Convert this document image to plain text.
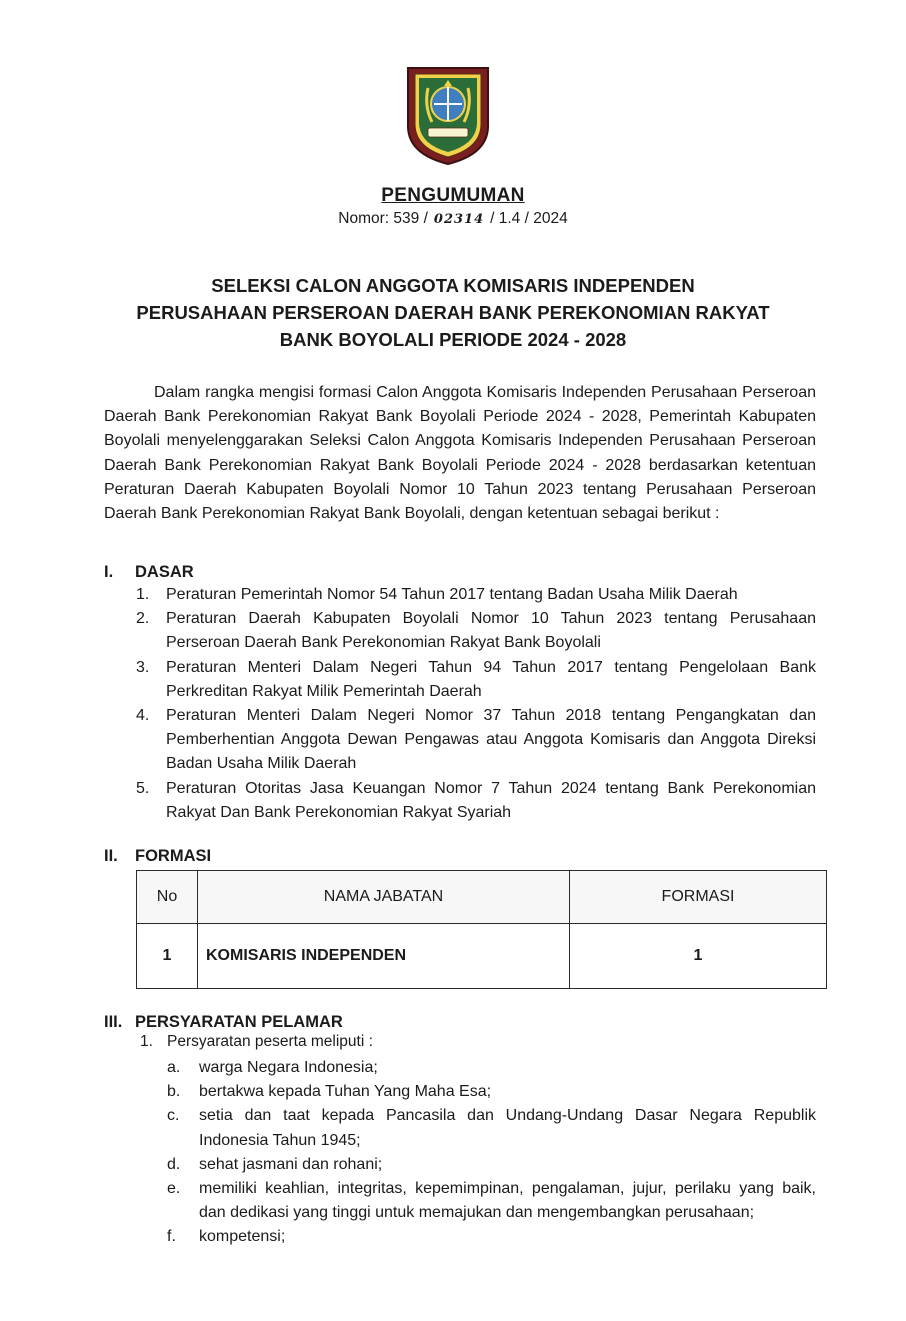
PENGUMUMAN
Nomor: 539 / 02314 / 1.4 / 2024
SELEKSI CALON ANGGOTA KOMISARIS INDEPENDEN
PERUSAHAAN PERSEROAN DAERAH BANK PEREKONOMIAN RAKYAT
BANK BOYOLALI PERIODE 2024 - 2028

Dalam rangka mengisi formasi Calon Anggota Komisaris Independen Perusahaan Perseroan Daerah Bank Perekonomian Rakyat Bank Boyolali Periode 2024 - 2028, Pemerintah Kabupaten Boyolali menyelenggarakan Seleksi Calon Anggota Komisaris Independen Perusahaan Perseroan Daerah Bank Perekonomian Rakyat Bank Boyolali Periode 2024 - 2028 berdasarkan ketentuan Peraturan Daerah Kabupaten Boyolali Nomor 10 Tahun 2023 tentang Perusahaan Perseroan Daerah Bank Perekonomian Rakyat Bank Boyolali, dengan ketentuan sebagai berikut :

I. DASAR
1. Peraturan Pemerintah Nomor 54 Tahun 2017 tentang Badan Usaha Milik Daerah
2. Peraturan Daerah Kabupaten Boyolali Nomor 10 Tahun 2023 tentang Perusahaan Perseroan Daerah Bank Perekonomian Rakyat Bank Boyolali
3. Peraturan Menteri Dalam Negeri Tahun 94 Tahun 2017 tentang Pengelolaan Bank Perkreditan Rakyat Milik Pemerintah Daerah
4. Peraturan Menteri Dalam Negeri Nomor 37 Tahun 2018 tentang Pengangkatan dan Pemberhentian Anggota Dewan Pengawas atau Anggota Komisaris dan Anggota Direksi Badan Usaha Milik Daerah
5. Peraturan Otoritas Jasa Keuangan Nomor 7 Tahun 2024 tentang Bank Perekonomian Rakyat Dan Bank Perekonomian Rakyat Syariah
II. FORMASI
No	NAMA JABATAN	FORMASI
1	KOMISARIS INDEPENDEN	1
III. PERSYARATAN PELAMAR
1. Persyaratan peserta meliputi :
a. warga Negara Indonesia;
b. bertakwa kepada Tuhan Yang Maha Esa;
c. setia dan taat kepada Pancasila dan Undang-Undang Dasar Negara Republik Indonesia Tahun 1945;
d. sehat jasmani dan rohani;
e. memiliki keahlian, integritas, kepemimpinan, pengalaman, jujur, perilaku yang baik, dan dedikasi yang tinggi untuk memajukan dan mengembangkan perusahaan;
f. kompetensi;
